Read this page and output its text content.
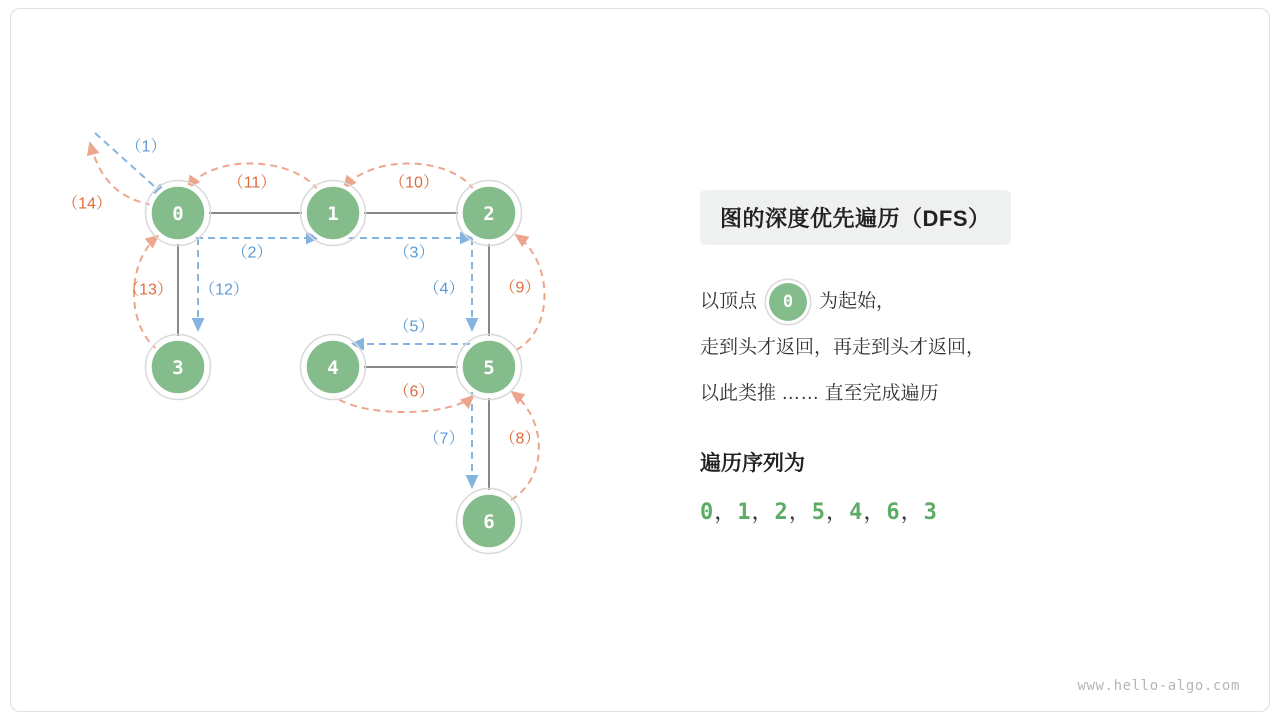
0	1	2
3	4	5
6
（1）
（2）	（3）
（4）
（5）
（6）
（7） （8）
（9）
（10）
（11）
（12）
（13）
（14）
图的深度优先遍历（DFS）
以顶点	0	为起始，
走到头才返回，再走到头才返回，
以此类推 …… 直至完成遍历
遍历序列为
0，1，2，5，4，6，3
www.hello-algo.com
